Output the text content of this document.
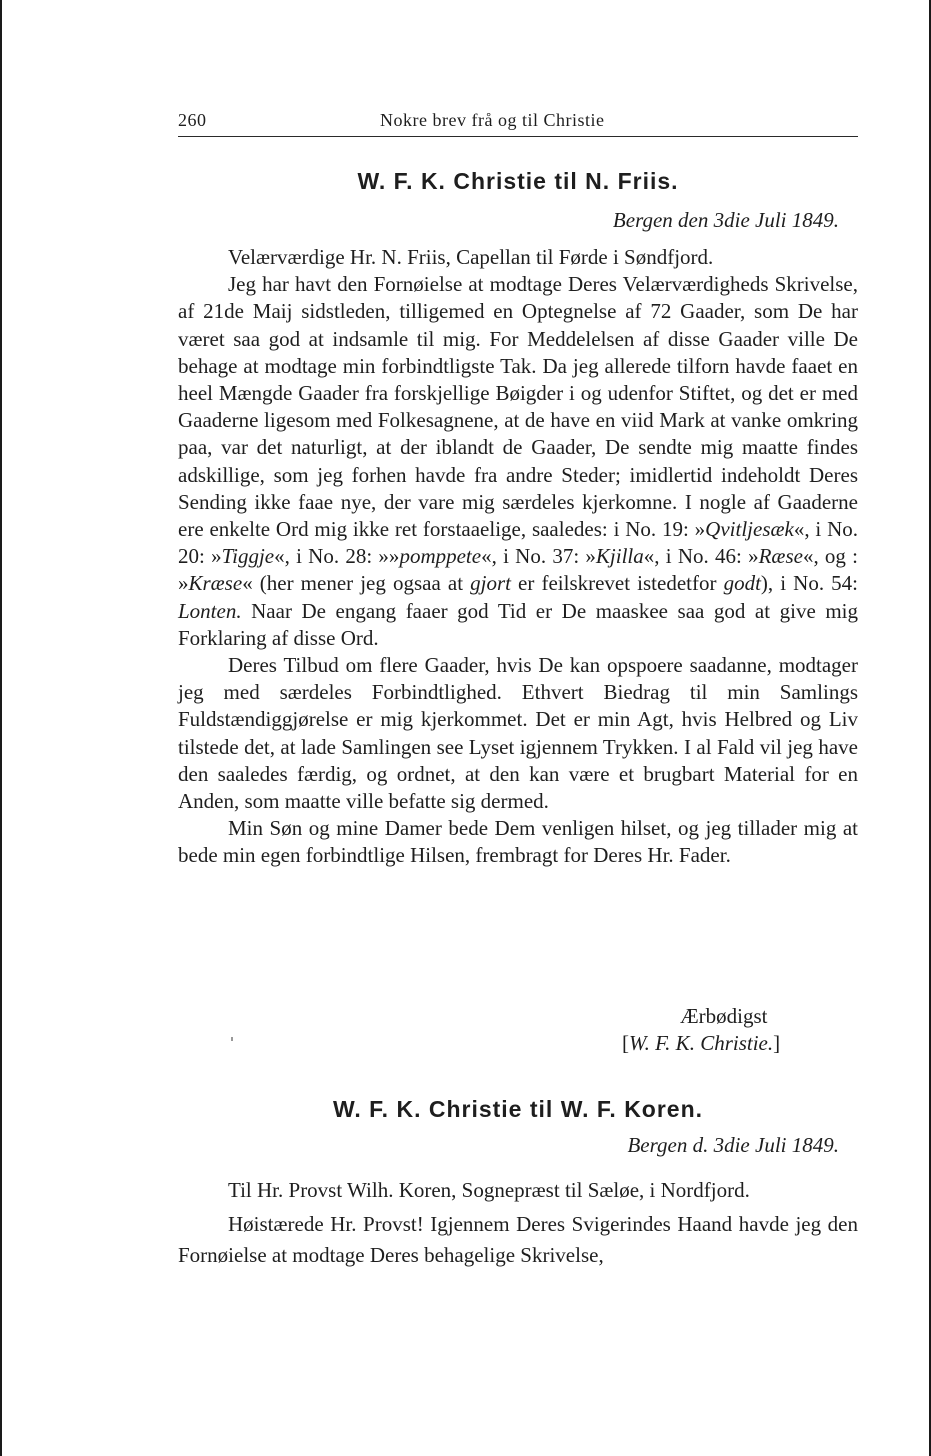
260	Nokre brev frå og til Christie
W. F. K. Christie til N. Friis.
Bergen den 3die Juli 1849.

Velærværdige Hr. N. Friis, Capellan til Førde i Søndfjord.

Jeg har havt den Fornøielse at modtage Deres Velærværdigheds Skrivelse, af 21de Maij sidstleden, tilligemed en Optegnelse af 72 Gaader, som De har været saa god at indsamle til mig. For Meddelelsen af disse Gaader ville De behage at modtage min forbindtligste Tak. Da jeg allerede tilforn havde faaet en heel Mængde Gaader fra forskjellige Bøigder i og udenfor Stiftet, og det er med Gaaderne ligesom med Folkesagnene, at de have en viid Mark at vanke omkring paa, var det naturligt, at der iblandt de Gaader, De sendte mig maatte findes adskillige, som jeg forhen havde fra andre Steder; imidlertid indeholdt Deres Sending ikke faae nye, der vare mig særdeles kjerkomne. I nogle af Gaaderne ere enkelte Ord mig ikke ret forstaaelige, saaledes: i No. 19: »Qvitljesæk«, i No. 20: »Tiggje«, i No. 28: »»pomppete«, i No. 37: »Kjilla«, i No. 46: »Ræse«, og : »Kræse« (her mener jeg ogsaa at gjort er feilskrevet istedetfor godt), i No. 54: Lonten. Naar De engang faaer god Tid er De maaskee saa god at give mig Forklaring af disse Ord.

Deres Tilbud om flere Gaader, hvis De kan opspoere saadanne, modtager jeg med særdeles Forbindtlighed. Ethvert Biedrag til min Samlings Fuldstændiggjørelse er mig kjerkommet. Det er min Agt, hvis Helbred og Liv tilstede det, at lade Samlingen see Lyset igjennem Trykken. I al Fald vil jeg have den saaledes færdig, og ordnet, at den kan være et brugbart Material for en Anden, som maatte ville befatte sig dermed.

Min Søn og mine Damer bede Dem venligen hilset, og jeg tillader mig at bede min egen forbindtlige Hilsen, frembragt for Deres Hr. Fader.

Ærbødigst
[W. F. K. Christie.]
W. F. K. Christie til W. F. Koren.
Bergen d. 3die Juli 1849.

Til Hr. Provst Wilh. Koren, Sognepræst til Sæløe, i Nordfjord.

Høistærede Hr. Provst! Igjennem Deres Svigerindes Haand havde jeg den Fornøielse at modtage Deres behagelige Skrivelse,
